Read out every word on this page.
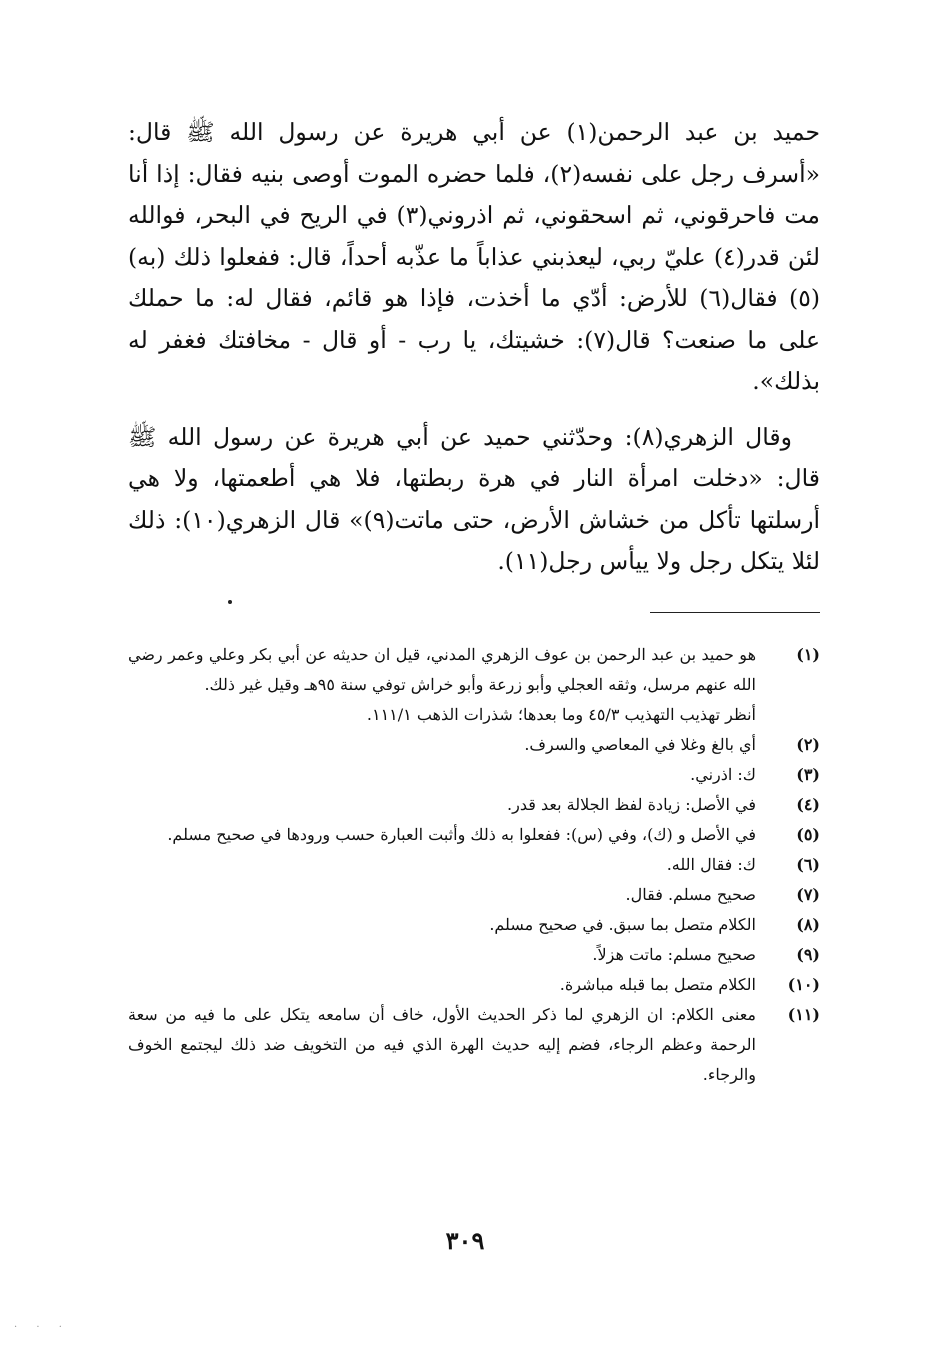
حميد بن عبد الرحمن(١) عن أبي هريرة عن رسول الله ﷺ قال: «أسرف رجل على نفسه(٢)، فلما حضره الموت أوصى بنيه فقال: إذا أنا مت فاحرقوني، ثم اسحقوني، ثم اذروني(٣) في الريح في البحر، فوالله لئن قدر(٤) عليّ ربي، ليعذبني عذاباً ما عذّبه أحداً، قال: ففعلوا ذلك (به)(٥) فقال(٦) للأرض: أدّي ما أخذت، فإذا هو قائم، فقال له: ما حملك على ما صنعت؟ قال(٧): خشيتك، يا رب - أو قال - مخافتك فغفر له بذلك».

وقال الزهري(٨): وحدّثني حميد عن أبي هريرة عن رسول الله ﷺ قال: «دخلت امرأة النار في هرة ربطتها، فلا هي أطعمتها، ولا هي أرسلتها تأكل من خشاش الأرض، حتى ماتت(٩)» قال الزهري(١٠): ذلك لئلا يتكل رجل ولا ييأس رجل(١١).

(١)
هو حميد بن عبد الرحمن بن عوف الزهري المدني، قيل ان حديثه عن أبي بكر وعلي وعمر رضي الله عنهم مرسل، وثقه العجلي وأبو زرعة وأبو خراش توفي سنة ٩٥هـ وقيل غير ذلك.
أنظر تهذيب التهذيب ٤٥/٣ وما بعدها؛ شذرات الذهب ١١١/١.
(٢)
أي بالغ وغلا في المعاصي والسرف.
(٣)
ك: اذرني.
(٤)
في الأصل: زيادة لفظ الجلالة بعد قدر.
(٥)
في الأصل و (ك)، وفي (س): ففعلوا به ذلك وأثبت العبارة حسب ورودها في صحيح مسلم.
(٦)
ك: فقال الله.
(٧)
صحيح مسلم. فقال.
(٨)
الكلام متصل بما سبق. في صحيح مسلم.
(٩)
صحيح مسلم: ماتت هزلاً.
(١٠)
الكلام متصل بما قبله مباشرة.
(١١)
معنى الكلام: ان الزهري لما ذكر الحديث الأول، خاف أن سامعه يتكل على ما فيه من سعة الرحمة وعظم الرجاء، فضم إليه حديث الهرة الذي فيه من التخويف ضد ذلك ليجتمع الخوف والرجاء.
٣٠٩
· · ·
